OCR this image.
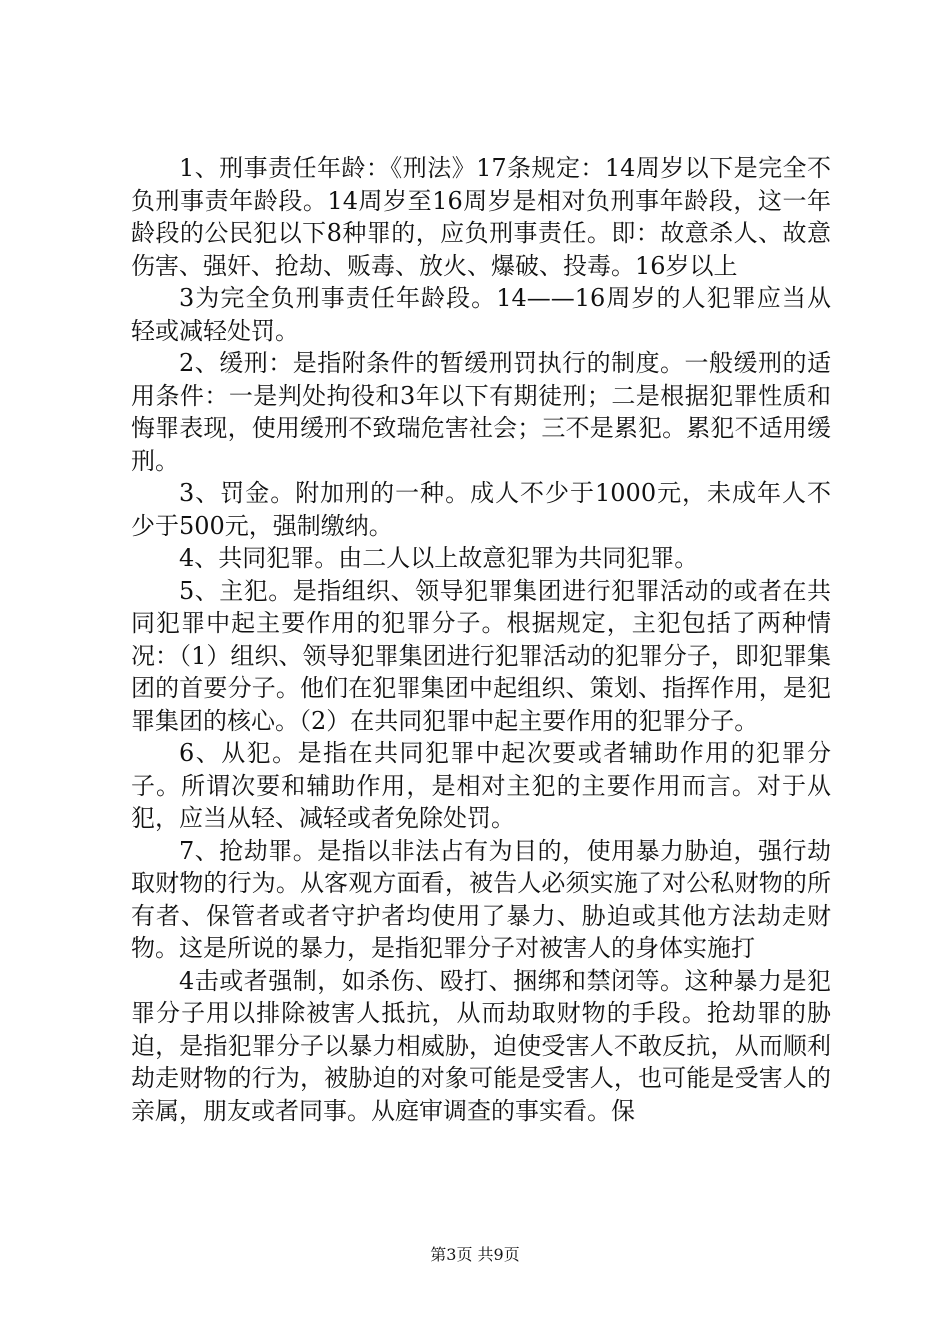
1、刑事责任年龄：《刑法》17条规定：14周岁以下是完全不负刑事责年龄段。14周岁至16周岁是相对负刑事年龄段，这一年龄段的公民犯以下8种罪的，应负刑事责任。即：故意杀人、故意伤害、强奸、抢劫、贩毒、放火、爆破、投毒。16岁以上

3为完全负刑事责任年龄段。14——16周岁的人犯罪应当从轻或减轻处罚。

2、缓刑：是指附条件的暂缓刑罚执行的制度。一般缓刑的适用条件：一是判处拘役和3年以下有期徒刑；二是根据犯罪性质和悔罪表现，使用缓刑不致瑞危害社会；三不是累犯。累犯不适用缓刑。

3、罚金。附加刑的一种。成人不少于1000元，未成年人不少于500元，强制缴纳。

4、共同犯罪。由二人以上故意犯罪为共同犯罪。

5、主犯。是指组织、领导犯罪集团进行犯罪活动的或者在共同犯罪中起主要作用的犯罪分子。根据规定，主犯包括了两种情况：（1）组织、领导犯罪集团进行犯罪活动的犯罪分子，即犯罪集团的首要分子。他们在犯罪集团中起组织、策划、指挥作用，是犯罪集团的核心。（2）在共同犯罪中起主要作用的犯罪分子。

6、从犯。是指在共同犯罪中起次要或者辅助作用的犯罪分子。所谓次要和辅助作用，是相对主犯的主要作用而言。对于从犯，应当从轻、减轻或者免除处罚。

7、抢劫罪。是指以非法占有为目的，使用暴力胁迫，强行劫取财物的行为。从客观方面看，被告人必须实施了对公私财物的所有者、保管者或者守护者均使用了暴力、胁迫或其他方法劫走财物。这是所说的暴力，是指犯罪分子对被害人的身体实施打

4击或者强制，如杀伤、殴打、捆绑和禁闭等。这种暴力是犯罪分子用以排除被害人抵抗，从而劫取财物的手段。抢劫罪的胁迫，是指犯罪分子以暴力相威胁，迫使受害人不敢反抗，从而顺利劫走财物的行为，被胁迫的对象可能是受害人，也可能是受害人的亲属，朋友或者同事。从庭审调查的事实看。保

第3页 共9页
